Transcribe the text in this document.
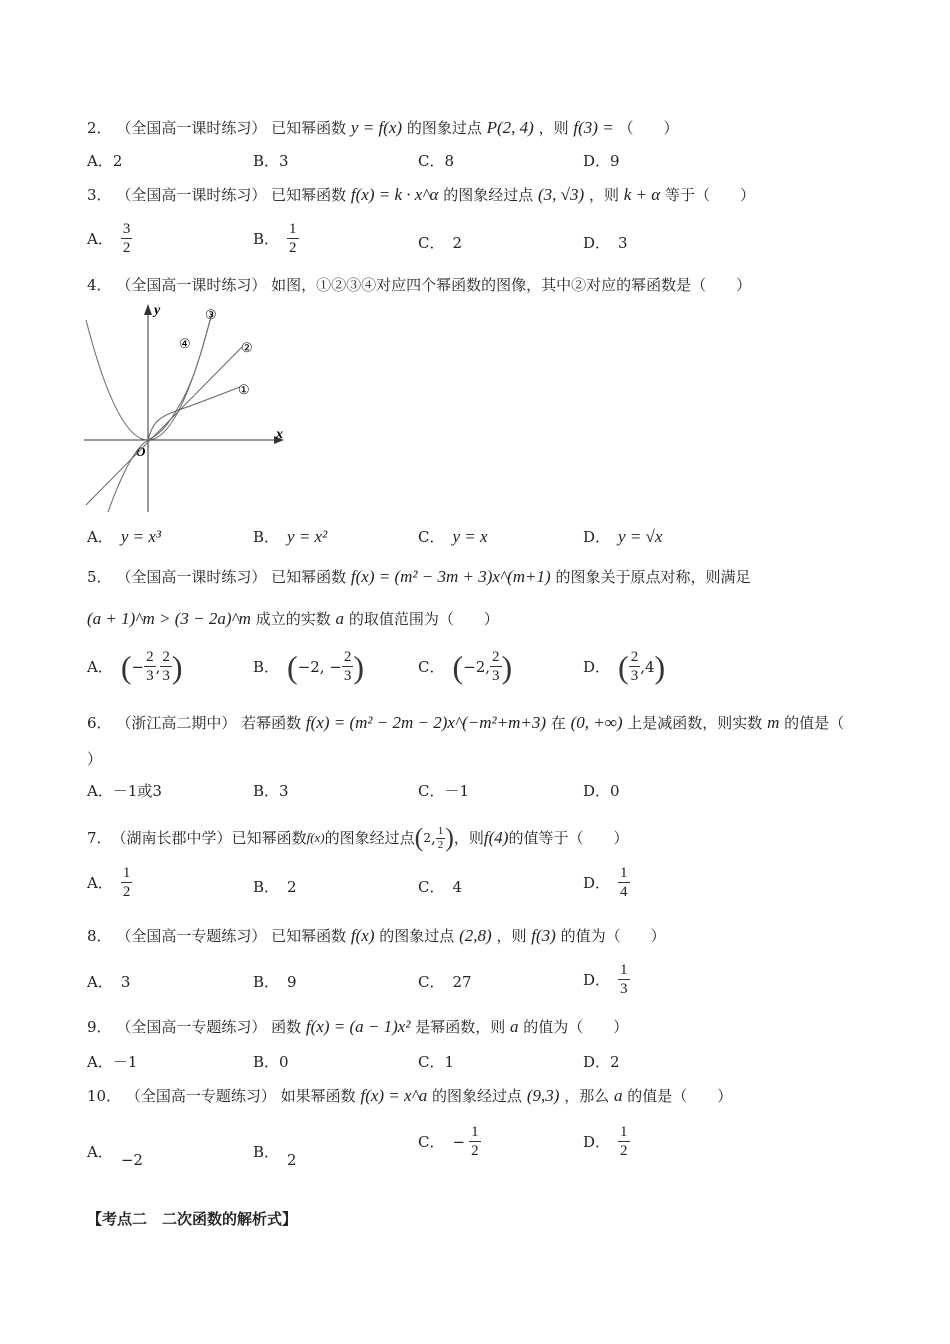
2． （全国高一课时练习） 已知幂函数 y = f(x) 的图象过点 P(2, 4) ，则 f(3) = （　　）
A．2	B．3	C．8	D．9
3． （全国高一课时练习） 已知幂函数 f(x) = k · x^α 的图象经过点 (3, √3) ，则 k + α 等于（　　）
A． $\frac{3}{2}$	B． $\frac{1}{2}$	C． 2	D． 3
4． （全国高一课时练习） 如图，①②③④对应四个幂函数的图像，其中②对应的幂函数是（　　）
x
y
O
③
④	②
①
A． y = x³	B． y = x²	C． y = x	D． y = √x
5． （全国高一课时练习） 已知幂函数 f(x) = (m² − 3m + 3)x^(m+1) 的图象关于原点对称，则满足
(a + 1)^m > (3 − 2a)^m 成立的实数 a 的取值范围为（　　）
A． ( − $\frac{2}{3}$ , $\frac{2}{3}$ )	B． ( −2, − $\frac{2}{3}$ )	C． ( −2, $\frac{2}{3}$ )	D． ( $\frac{2}{3} ,4$ )
6． （浙江高二期中） 若幂函数 f(x) = (m² − 2m − 2)x^(−m²+m+3) 在 (0, +∞) 上是减函数，则实数 m 的值是（
）
A．－1或3	B．3	C．－1	D．0
7． （湖南长郡中学） 已知幂函数 f(x) 的图象经过点 ( 2 , $\frac{1}{2}$ ) ，则 f(4) 的值等于（　　）
A． $\frac{1}{2}$	B． 2	C． 4	D． $\frac{1}{4}$
8． （全国高一专题练习） 已知幂函数 f(x) 的图象过点 (2,8) ，则 f(3) 的值为（　　）
A． 3	B． 9	C． 27	D． $\frac{1}{3}$
9． （全国高一专题练习） 函数 f(x) = (a − 1)x² 是幂函数，则 a 的值为（　　）
A．－1	B．0	C．1	D．2
10． （全国高一专题练习） 如果幂函数 f(x) = x^a 的图象经过点 (9,3) ，那么 a 的值是（　　）
A． −2	B． 2
C． − $\frac{1}{2}$	D． $\frac{1}{2}$
【考点二　二次函数的解析式】
